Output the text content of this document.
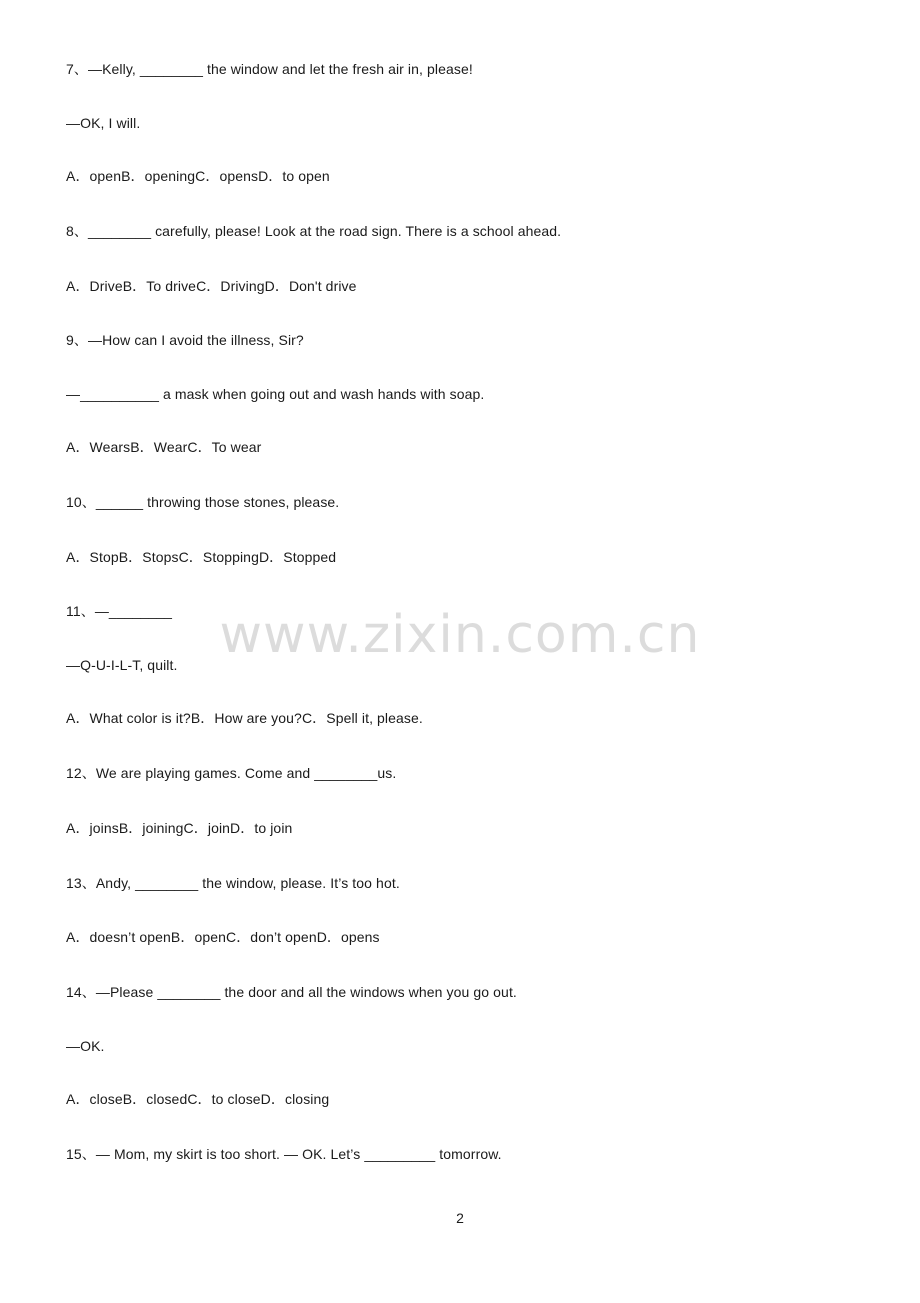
7、—Kelly, ________ the window and let the fresh air in, please!
—OK, I will.
A．openB．openingC．opensD．to open
8、________ carefully, please! Look at the road sign. There is a school ahead.
A．DriveB．To driveC．DrivingD．Don't drive
9、—How can I avoid the illness, Sir?
—__________ a mask when going out and wash hands with soap.
A．WearsB．WearC．To wear
10、______ throwing those stones, please.
A．StopB．StopsC．StoppingD．Stopped
11、—________
—Q-U-I-L-T, quilt.
A．What color is it?B．How are you?C．Spell it, please.
12、We are playing games. Come and ________us.
A．joinsB．joiningC．joinD．to join
13、Andy, ________ the window, please. It’s too hot.
A．doesn’t openB．openC．don’t openD．opens
14、—Please ________ the door and all the windows when you go out.
—OK.
A．closeB．closedC．to closeD．closing
15、— Mom, my skirt is too short. — OK. Let’s _________ tomorrow.
www.zixin.com.cn
2
